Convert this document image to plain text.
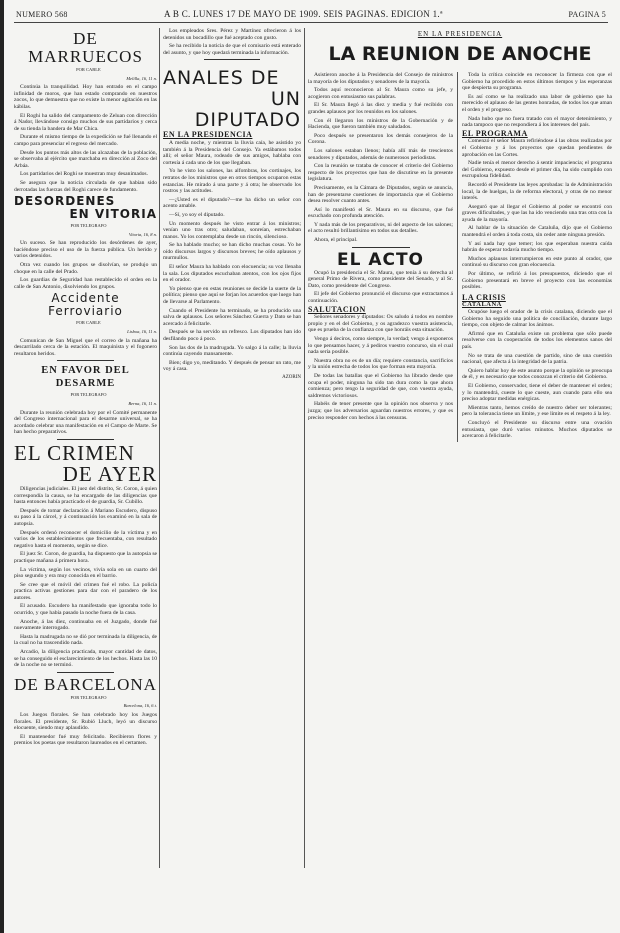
NUMERO 568	A B C. LUNES 17 DE MAYO DE 1909. SEIS PAGINAS. EDICION 1.ª	PAGINA 5
DE MARRUECOS

POR CABLE

Melilla, 16, 11 n.

Continúa la tranquilidad. Hoy han entrado en el campo infinidad de moros, que han estado comprando en nuestros zocos, lo que demuestra que no existe la menor agitación en las kábilas.

El Roghi ha salido del campamento de Zeluan con dirección á Nador, llevándose consigo muchos de sus partidarios y cerca de su tienda la bandera de Mar Chica.

Durante el mismo tiempo de la expedición se fué llenando el campo para presenciar el regreso del mercado.

Desde los puntos más altos de las alcazabas de la población, se observaba al ejército que marchaba en dirección al Zoco del Arbáa.

Los partidarios del Roghi se muestran muy desanimados.

Se asegura que la noticia circulada de que habían sido derrotadas las fuerzas del Roghi carece de fundamento.

DESORDENES
EN VITORIA

POR TELEGRAFO

Vitoria, 16, 8 n.

Un suceso. Se han reproducido los desórdenes de ayer, haciéndose preciso el uso de la fuerza pública. Un herido y varios detenidos.

Otra vez cuando los grupos se disolvían, se produjo un choque en la calle del Prado.

Los guardias de Seguridad han restablecido el orden en la calle de San Antonio, disolviendo los grupos.

Accidente Ferroviario

POR CABLE

Lisboa, 16, 11 n.

Comunican de San Miguel que el correo de la mañana ha descarrilado cerca de la estación. El maquinista y el fogonero resultaron heridos.

EN FAVOR DEL DESARME

POR TELEGRAFO

Berna, 16, 11 n.

Durante la reunión celebrada hoy por el Comité permanente del Congreso internacional para el desarme universal, se ha acordado celebrar una manifestación en el Campo de Marte. Se han hecho preparativos.

EL CRIMEN
DE AYER

Diligencias judiciales. El juez del distrito, Sr. Coron, á quien correspondía la causa, se ha encargado de las diligencias que hasta entonces había practicado el de guardia, Sr. Cubillo.

Después de tomar declaración á Mariano Escudero, dispuso su paso á la cárcel, y á continuación los examinó en la sala de autopsia.

Después ordenó reconocer el domicilio de la víctima y en varios de los establecimientos que frecuentaba, con resultado negativo hasta el momento, según se dice.

El juez Sr. Coron, de guardia, ha dispuesto que la autopsia se practique mañana á primera hora.

La víctima, según los vecinos, vivía sola en un cuarto del piso segundo y era muy conocida en el barrio.

Se cree que el móvil del crimen fué el robo. La policía practica activas gestiones para dar con el paradero de los autores.

El acusado. Escudero ha manifestado que ignoraba todo lo ocurrido, y que había pasado la noche fuera de la casa.

Anoche, á las diez, continuaba en el Juzgado, donde fué nuevamente interrogado.

Hasta la madrugada no se dió por terminada la diligencia, de la cual no ha trascendido nada.

Arcadio, la diligencia practicada, mayor cantidad de datos, se ha conseguido el esclarecimiento de los hechos. Hasta las 10 de la noche no se terminó.

DE BARCELONA

POR TELEGRAFO

Barcelona, 16, 6 t.

Los Juegos florales. Se han celebrado hoy los Juegos florales. El presidente, Sr. Rubió Lluch, leyó un discurso elocuente, siendo muy aplaudido.

El mantenedor fué muy felicitado. Recibieron flores y premios los poetas que resultaron laureados en el certamen.

Los empleados Sres. Pérez y Martínez ofrecieron á los detenidos un bocadillo que fué aceptado con gusto.

Se ha recibido la noticia de que el comisario está enterado del asunto, y que hoy quedará terminada la información.

ANALES DE
UN DIPUTADO
EN LA PRESIDENCIA

A media noche, y mientras la lluvia caía, he asistido yo también á la Presidencia del Consejo. Ya estábamos todos allí; el señor Maura, rodeado de sus amigos, hablaba con cortesía á cada uno de los que llegaban.

Yo he visto los salones, las alfombras, los cortinajes, los retratos de los ministros que en otros tiempos ocuparon estas estancias. He mirado á una parte y á otra; he observado los rostros y las actitudes.

—¿Usted es el diputado?—me ha dicho un señor con acento amable.

—Sí, yo soy el diputado.

Un momento después he visto entrar á los ministros; venían uno tras otro; saludaban, sonreían, estrechaban manos. Yo los contemplaba desde un rincón, silencioso.

Se ha hablado mucho; se han dicho muchas cosas. Yo he oído discursos largos y discursos breves; he oído aplausos y murmullos.

El señor Maura ha hablado con elocuencia; su voz llenaba la sala. Los diputados escuchaban atentos, con los ojos fijos en el orador.

Yo pienso que en estas reuniones se decide la suerte de la política; pienso que aquí se forjan los acuerdos que luego han de llevarse al Parlamento.

Cuando el Presidente ha terminado, se ha producido una salva de aplausos. Los señores Sánchez Guerra y Dato se han acercado á felicitarle.

Después se ha servido un refresco. Los diputados han ido desfilando poco á poco.

Son las dos de la madrugada. Yo salgo á la calle; la lluvia continúa cayendo mansamente.

Bien; digo yo, meditando. Y después de pensar un rato, me voy á casa.

AZORIN

EN LA PRESIDENCIA
LA REUNION DE ANOCHE

Asistieron anoche á la Presidencia del Consejo de ministros la mayoría de los diputados y senadores de la mayoría.

Todos aquí reconocieron al Sr. Maura como su jefe, y acogieron con entusiasmo sus palabras.

El Sr. Maura llegó á las diez y media y fué recibido con grandes aplausos por los reunidos en los salones.

Con él llegaron los ministros de la Gobernación y de Hacienda, que fueron también muy saludados.

Poco después se presentaron los demás consejeros de la Corona.

Los salones estaban llenos; había allí más de trescientos senadores y diputados, además de numerosos periodistas.

Con la reunión se trataba de conocer el criterio del Gobierno respecto de los proyectos que han de discutirse en la presente legislatura.

Precisamente, en la Cámara de Diputados, según se anuncia, han de presentarse cuestiones de importancia que el Gobierno desea resolver cuanto antes.

Así lo manifestó el Sr. Maura en su discurso, que fué escuchado con profunda atención.

Y nada más de los preparativos, ni del aspecto de los salones; el acto resultó brillantísimo en todos sus detalles.

Ahora, el principal.

EL ACTO

Ocupó la presidencia el Sr. Maura, que tenía á su derecha al general Primo de Rivera, como presidente del Senado, y al Sr. Dato, como presidente del Congreso.

El jefe del Gobierno pronunció el discurso que extractamos á continuación.

SALUTACION

Señores senadores y diputados: Os saludo á todos en nombre propio y en el del Gobierno, y os agradezco vuestra asistencia, que es prueba de la confianza con que honráis esta situación.

Vengo á deciros, como siempre, la verdad; vengo á exponeros lo que pensamos hacer, y á pediros vuestro concurso, sin el cual nada sería posible.

Nuestra obra no es de un día; requiere constancia, sacrificios y la unión estrecha de todos los que forman esta mayoría.

De todas las batallas que el Gobierno ha librado desde que ocupa el poder, ninguna ha sido tan dura como la que ahora comienza; pero tengo la seguridad de que, con vuestra ayuda, saldremos victoriosos.

Habéis de tener presente que la opinión nos observa y nos juzga; que los adversarios aguardan nuestros errores, y que es preciso responder con hechos á las censuras.

Toda la crítica coincide en reconocer la firmeza con que el Gobierno ha procedido en estos últimos tiempos y las esperanzas que despierta su programa.

Es así como se ha realizado una labor de gobierno que ha merecido el aplauso de las gentes honradas, de todos los que aman el orden y el progreso.

Nada hubo que no fuera tratado con el mayor detenimiento, y nada tampoco que no respondiera á los intereses del país.

EL PROGRAMA

Comenzó el señor Maura refiriéndose á las obras realizadas por el Gobierno y á los proyectos que quedan pendientes de aprobación en las Cortes.

Nadie tenía el menor derecho á sentir impaciencia; el programa del Gobierno, expuesto desde el primer día, ha sido cumplido con escrupulosa fidelidad.

Recordó el Presidente las leyes aprobadas: la de Administración local, la de huelgas, la de reforma electoral, y otras de no menor interés.

Aseguró que al llegar el Gobierno al poder se encontró con graves dificultades, y que las ha ido venciendo una tras otra con la ayuda de la mayoría.

Al hablar de la situación de Cataluña, dijo que el Gobierno mantendrá el orden á toda costa, sin ceder ante ninguna presión.

Y así nada hay que temer; los que esperaban nuestra caída habrán de esperar todavía mucho tiempo.

Muchos aplausos interrumpieron en este punto al orador, que continuó su discurso con gran elocuencia.

Por último, se refirió á los presupuestos, diciendo que el Gobierno presentará en breve el proyecto con las economías posibles.

LA CRISIS
CATALANA

Ocupóse luego el orador de la crisis catalana, diciendo que el Gobierno ha seguido una política de conciliación, durante largo tiempo, con objeto de calmar los ánimos.

Afirmó que en Cataluña existe un problema que sólo puede resolverse con la cooperación de todos los elementos sanos del país.

No se trata de una cuestión de partido, sino de una cuestión nacional, que afecta á la integridad de la patria.

Quiero hablar hoy de este asunto porque la opinión se preocupa de él, y es necesario que todos conozcan el criterio del Gobierno.

El Gobierno, conservador, tiene el deber de mantener el orden; y lo mantendrá, cueste lo que cueste, aun cuando para ello sea preciso adoptar medidas enérgicas.

Mientras tanto, hemos creído de nuestro deber ser tolerantes; pero la tolerancia tiene un límite, y ese límite es el respeto á la ley.

Concluyó el Presidente su discurso entre una ovación entusiasta, que duró varios minutos. Muchos diputados se acercaron á felicitarle.
